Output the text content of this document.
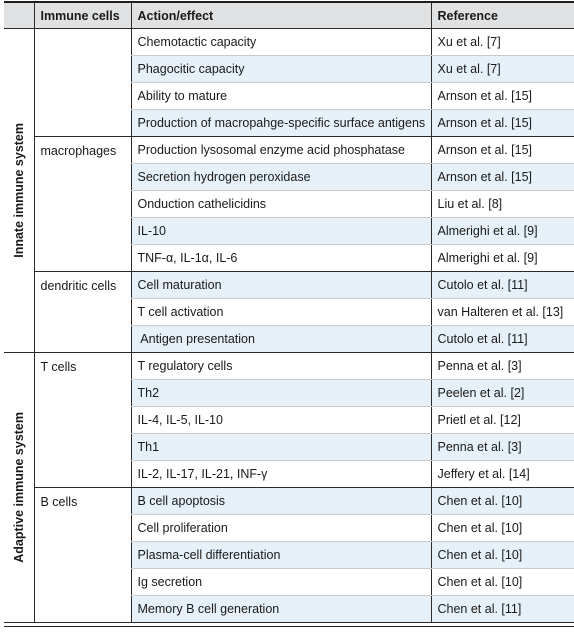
	Immune cells	Action/effect	Reference

Innate immune system		Chemotactic capacity	Xu et al. [7]
		Phagocitic capacity	Xu et al. [7]
		Ability to mature	Arnson et al. [15]
		Production of macropahge-specific surface antigens	Arnson et al. [15]
	macrophages	Production lysosomal enzyme acid phosphatase	Arnson et al. [15]
		Secretion hydrogen peroxidase	Arnson et al. [15]
		Onduction cathelicidins	Liu et al. [8]
		IL-10	Almerighi et al. [9]
		TNF-α, IL-1α, IL-6	Almerighi et al. [9]
	dendritic cells	Cell maturation	Cutolo et al. [11]
		T cell activation	van Halteren et al. [13]
		Antigen presentation	Cutolo et al. [11]

Adaptive immune system	T cells	T regulatory cells	Penna et al. [3]
		Th2	Peelen et al. [2]
		IL-4, IL-5, IL-10	Prietl et al. [12]
		Th1	Penna et al. [3]
		IL-2, IL-17, IL-21, INF-γ	Jeffery et al. [14]
	B cells	B cell apoptosis	Chen et al. [10]
		Cell proliferation	Chen et al. [10]
		Plasma-cell differentiation	Chen et al. [10]
		Ig secretion	Chen et al. [10]
		Memory B cell generation	Chen et al. [11]
